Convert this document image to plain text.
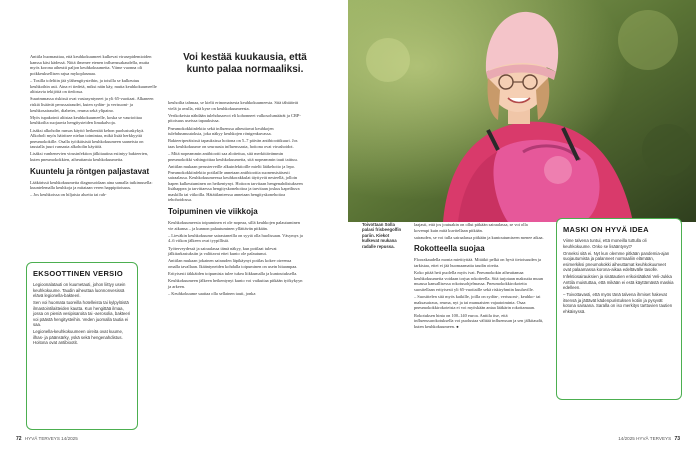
Anttila huomauttaa, että keuhkokuumeet kulkevat virusepidemioiden kanssa käsi kädessä. Niitä ilmenee etenen influenssakaudella, mutta myös korona aiheutti paljon keuhkokuumetta. Viime vuonna oli poikkeuksellisen rajua mykoplasmaa.

– Tosilla toleltiin jää ylähengitysteihin, ja toisilla se kulkeutuu keuhkoihin asti. Aina ei tiedetä, miksi näin käy, mutta keuhkokuumeelle altistavia tekijöitä on tiedossa.

Suurimmassa riskissä ovat vastasyntyneet ja yli 65-vuotiaat. Alkaneen riskiä lisäävät perussairaudet, kuten sydän- ja verisuoni- ja keuhkosairaudet, diabetes, reuma sekä ylipaino.

Myös tupakointi altistaa keuhkokuumeelle, koska se vaurioittaa keuhkoilta suojaavia hengitysteiden limakalvoja.

Lisäksi alkoholin runsas käyttö heikentää kehon puolustuskykyä. Alkoholi myös häiritsee nielun toimintaa, mikä lisää herkkyyttä pneumokokille. Osalla työikäisistä keuhkokuumeen saaneista on taustalla juuri runsasta alkoholin käyttöä.

Lisäksi vanhenevien virusinfektion jälkitautina esiintyy bakteerien, kuten pneumokokkien, aiheuttamia keuhkokuumeita.

Kuuntelu ja röntgen paljastavat

Lääkärissä keuhkokuumetta diagnosoidaan aina samalla tutkimusella: kuuntelemalla keuhkoja ja mitataan veren happipitoisuus.

– Jos keuhkoissa on hiljaisia alueita tai rah-

Voi kestää kuukausia, että kunto palaa normaaliksi.

keuhoilta tahmaa, se kielii erinomaisesta keuhkokuumeesta. Sitä tähtäävät vielä ja avulla, että kyse on keuhkokuumeesta.

Verikokeista nähdään tulehdusarvot eli kohonneet valkosolumäärät ja CRP-pitoisuus useissa tapauksissa.

Pneumokokkiinfektio sekä influenssa aiheuttavat keuhkojen tulehdusmuutoksia, joka näkyy keuhkojen röntgenkuvassa.

Bakteeriperäisissä tapauksissa hoitona on 5–7 päivän antibioottikuuri. Jos taas keuhkokuume on seurausta influenssasta, hoitona ovat virushoidot.

– Mitä nopeammin antibiootti saa aloitettua, sitä merkittävämmin pneumokokki vahingoittaa keuhkokuumetta, sitä nopeammin tauti taittuu.

Anttilan mukaan perusterveille alkuinfektioille mielti lääkehoito ja lepo. Pneumokokkiinfektio potilaille annetaan antibioottia suonensisäisesti sairaalassa. Keuhkokuumeessa keuhkorakkulat täyttyvät nesteellä, jolloin hapen kulkeutuminen on heikentynyt. Hoitoon tarvitaan hengenahdistukseen lisähappea ja tarvittaessa hengityskonehoitoa ja tarvitaan joskus kapeiltuva maskilla tai viikoilla. Hätätilanteessa annetaan hengityskonehoitoa tehohoidossa.

Toipuminen vie viikkoja

Keuhkokuumeesta toipuminen ei ole nopeaa, sillä keuhkojen palautuminen vie aikansa – ja kunnon palautuminen yllättävän pitkään.

– Lieväkin keuhkokuume sairastaneilla on syytä olla huolissaan. Väsymys ja 4–6 viikon jälkeen ovat tyypillisiä.

Työterveydessä ja sairaalassa tämä näkyy, kun potilaat tulevat jälkitarkastuksiin ja valittavat ettei kunto ole palautunut.

Anttilan mukaan jokainen sairauden läpikäynyt potilas kokee oireensa omalla tavallaan. Ikääntyneiden kohdalla toipuminen on usein hitaampaa.

Erityisesti iäkkäiden toipumista tulee tukea liikkumalla ja kuntoutuksella.

Keuhkokuumeen jälkeen heikentynyt kunto voi vaikuttaa pitkään työkykyyn ja arkeen.

– Keuhkokuume saattaa olla sellainen tauti, jonka

EKSOOTTINEN VERSIO

Legioonalatauti on kuumetauti, johon liittyy usein keuhkokuume. Taudin aiheuttaa luonnonvesissä elävä legionella-bakteeri.

Sen voi huomata tuoreilla hotelleista tai kylpylöistä ilmastointilaitteiden kautta. Kun hengittää ilmaa, jossa on pieniä vesipisaroita tai -aerosolia, bakteeri voi päästä hengitysteihin. Veden juomalla tautia ei saa.

Legionella-keuhkokuumeen oireita ovat kuume, ilhas- ja päänsärky, yskä sekä hengenahdistus. Hoitona ovat antibiootit.

72 HYVÄ TERVEYS 14/2025
Toivottaan Solla palasi frisbeegolfin pariin. Kiekot kulkevat mukana radalle repussa.

laajasti, että jos joutuakin on ollut pitkään sairaalassa, se voi olla kovempi kuin mitä kuvitellaan pitkään.

sairauden, se voi tulla sairaalassa pitkään ja kuntoutumiseen menee aikaa.

Rokotteella suojaa

Floorakaudella monia mietityttää. Mitäikö pelkä on hyvä tietoisuuden ja tarkistaa, ettei ei jää huomaamatta taudin oireita.

Koko pitää heti puolella myös ivat. Pneumokokin aiheuttamaa keuhkokuumetta voidaan torjua rokotteella. Sitä tarjotaan maksutta muun muassa kansallisessa rokotusohjelmassa. Pneumokokkirokotetta suositellaan erityisesti yli 65-vuotiaille sekä riskiryhmiin kuuluville.

– Suosittelen sitä myös kaikille, joilla on sydän-, verisuoni-, keuhko- tai maksasairaus, reuma, nyt ja tai munuaisten vajaatoiminta. Osaa pneumokokkirokoteista ei voi myöskään antaa lääkärin rokottamaan.

Rokotuksen hinta on 100–140 euroa. Anttila itse, että influenssarokotuksella voi puolustaa välttää influenssan ja sen jälkitaudit, kuten keuhkokuumeen. ●

MASKI ON HYVÄ IDEA

Viime talvena tuntui, että moneilla tuttulla oli keuhkokuume. Onko se lisääntynyt?

Onneksi sitä ei. Nyt kun olemme pitkään pandemia-ajan suojautumista ja palanneet normaaliin elämään, esimerkiksi pneumokokki aiheuttamat keuhkokuumeet ovat palaamassa korona-aikaa edeltävälle tasolle.

Infektiosairauksien ja sisätautien erikoislääkäri Veli-Jukka Anttila muistuttaa, että mikään ei estä käyttämästä maskia edelleen.

– Toivottavasti, että myös tänä talvena ihmiset hakevat itsensä ja jättävät kädenpuristuksen kotiin ja pysyvät kotona sairaana. Saralla on iso merkitys tarttuvien tautien ehkäisyssä.

14/2025 HYVÄ TERVEYS 73
